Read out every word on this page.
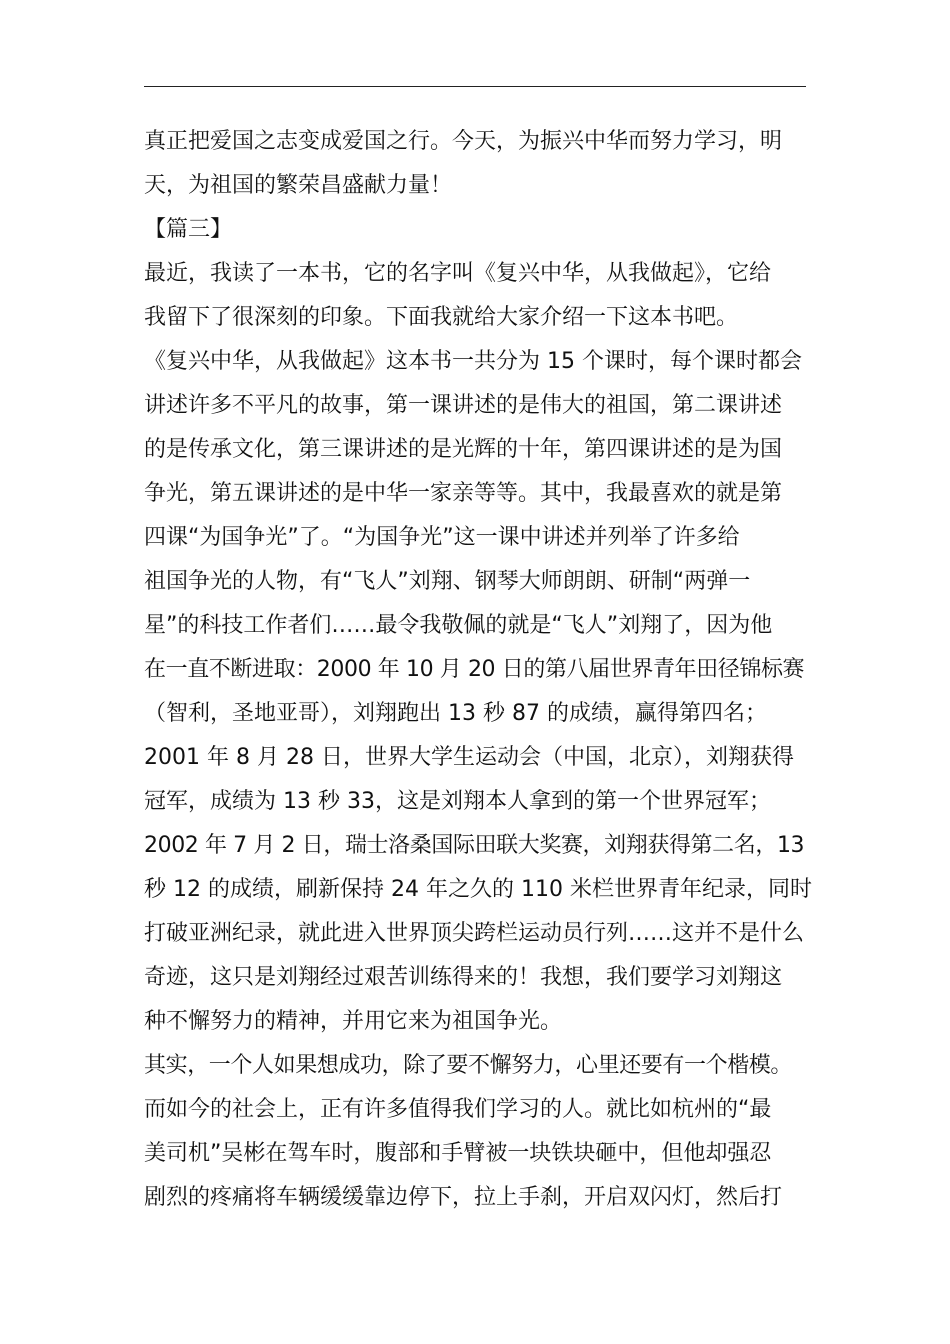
真正把爱国之志变成爱国之行。今天，为振兴中华而努力学习，明
天，为祖国的繁荣昌盛献力量！
【篇三】
最近，我读了一本书，它的名字叫《复兴中华，从我做起》，它给
我留下了很深刻的印象。下面我就给大家介绍一下这本书吧。
《复兴中华，从我做起》这本书一共分为 15 个课时，每个课时都会
讲述许多不平凡的故事，第一课讲述的是伟大的祖国，第二课讲述
的是传承文化，第三课讲述的是光辉的十年，第四课讲述的是为国
争光，第五课讲述的是中华一家亲等等。其中，我最喜欢的就是第
四课“为国争光”了。“为国争光”这一课中讲述并列举了许多给
祖国争光的人物，有“飞人”刘翔、钢琴大师朗朗、研制“两弹一
星”的科技工作者们……最令我敬佩的就是“飞人”刘翔了，因为他
在一直不断进取：2000 年 10 月 20 日的第八届世界青年田径锦标赛
（智利，圣地亚哥），刘翔跑出 13 秒 87 的成绩，赢得第四名；
2001 年 8 月 28 日，世界大学生运动会（中国，北京），刘翔获得
冠军，成绩为 13 秒 33，这是刘翔本人拿到的第一个世界冠军；
2002 年 7 月 2 日，瑞士洛桑国际田联大奖赛，刘翔获得第二名，13
秒 12 的成绩，刷新保持 24 年之久的 110 米栏世界青年纪录，同时
打破亚洲纪录，就此进入世界顶尖跨栏运动员行列……这并不是什么
奇迹，这只是刘翔经过艰苦训练得来的！我想，我们要学习刘翔这
种不懈努力的精神，并用它来为祖国争光。
其实，一个人如果想成功，除了要不懈努力，心里还要有一个楷模。
而如今的社会上，正有许多值得我们学习的人。就比如杭州的“最
美司机”吴彬在驾车时，腹部和手臂被一块铁块砸中，但他却强忍
剧烈的疼痛将车辆缓缓靠边停下，拉上手刹，开启双闪灯，然后打
